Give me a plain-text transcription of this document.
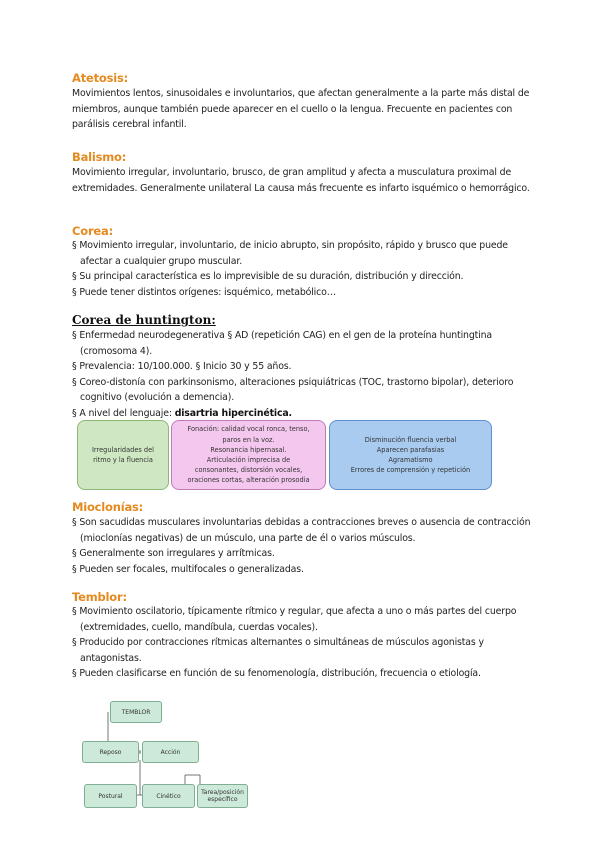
Atetosis:
Movimientos lentos, sinusoidales e involuntarios, que afectan generalmente a la parte más distal de miembros, aunque también puede aparecer en el cuello o la lengua. Frecuente en pacientes con parálisis cerebral infantil.
Balismo:
Movimiento irregular, involuntario, brusco, de gran amplitud y afecta a musculatura proximal de extremidades. Generalmente unilateral La causa más frecuente es infarto isquémico o hemorrágico.
Corea:
§ Movimiento irregular, involuntario, de inicio abrupto, sin propósito, rápido y brusco que puede afectar a cualquier grupo muscular.
§ Su principal característica es lo imprevisible de su duración, distribución y dirección.
§ Puede tener distintos orígenes: isquémico, metabólico…
Corea de huntington:
§ Enfermedad neurodegenerativa § AD (repetición CAG) en el gen de la proteína huntingtina (cromosoma 4).
§ Prevalencia: 10/100.000. § Inicio 30 y 55 años.
§ Coreo-distonía con parkinsonismo, alteraciones psiquiátricas (TOC, trastorno bipolar), deterioro cognitivo (evolución a demencia).
§ A nivel del lenguaje: disartria hipercinética.
Irregularidades del
ritmo y la fluencia
Fonación: calidad vocal ronca, tenso,
paros en la voz.
Resonancia hipernasal.
Articulación imprecisa de
consonantes, distorsión vocales,
oraciones cortas, alteración prosodia
Disminución fluencia verbal
Aparecen parafasias
Agramatismo
Errores de comprensión y repetición
Mioclonías:
§ Son sacudidas musculares involuntarias debidas a contracciones breves o ausencia de contracción (mioclonías negativas) de un músculo, una parte de él o varios músculos.
§ Generalmente son irregulares y arrítmicas.
§ Pueden ser focales, multifocales o generalizadas.
Temblor:
§ Movimiento oscilatorio, típicamente rítmico y regular, que afecta a uno o más partes del cuerpo (extremidades, cuello, mandíbula, cuerdas vocales).
§ Producido por contracciones rítmicas alternantes o simultáneas de músculos agonistas y antagonistas.
§ Pueden clasificarse en función de su fenomenología, distribución, frecuencia o etiología.
TEMBLOR
Reposo	Acción
Postural	Cinético	Tarea/posición
específico
